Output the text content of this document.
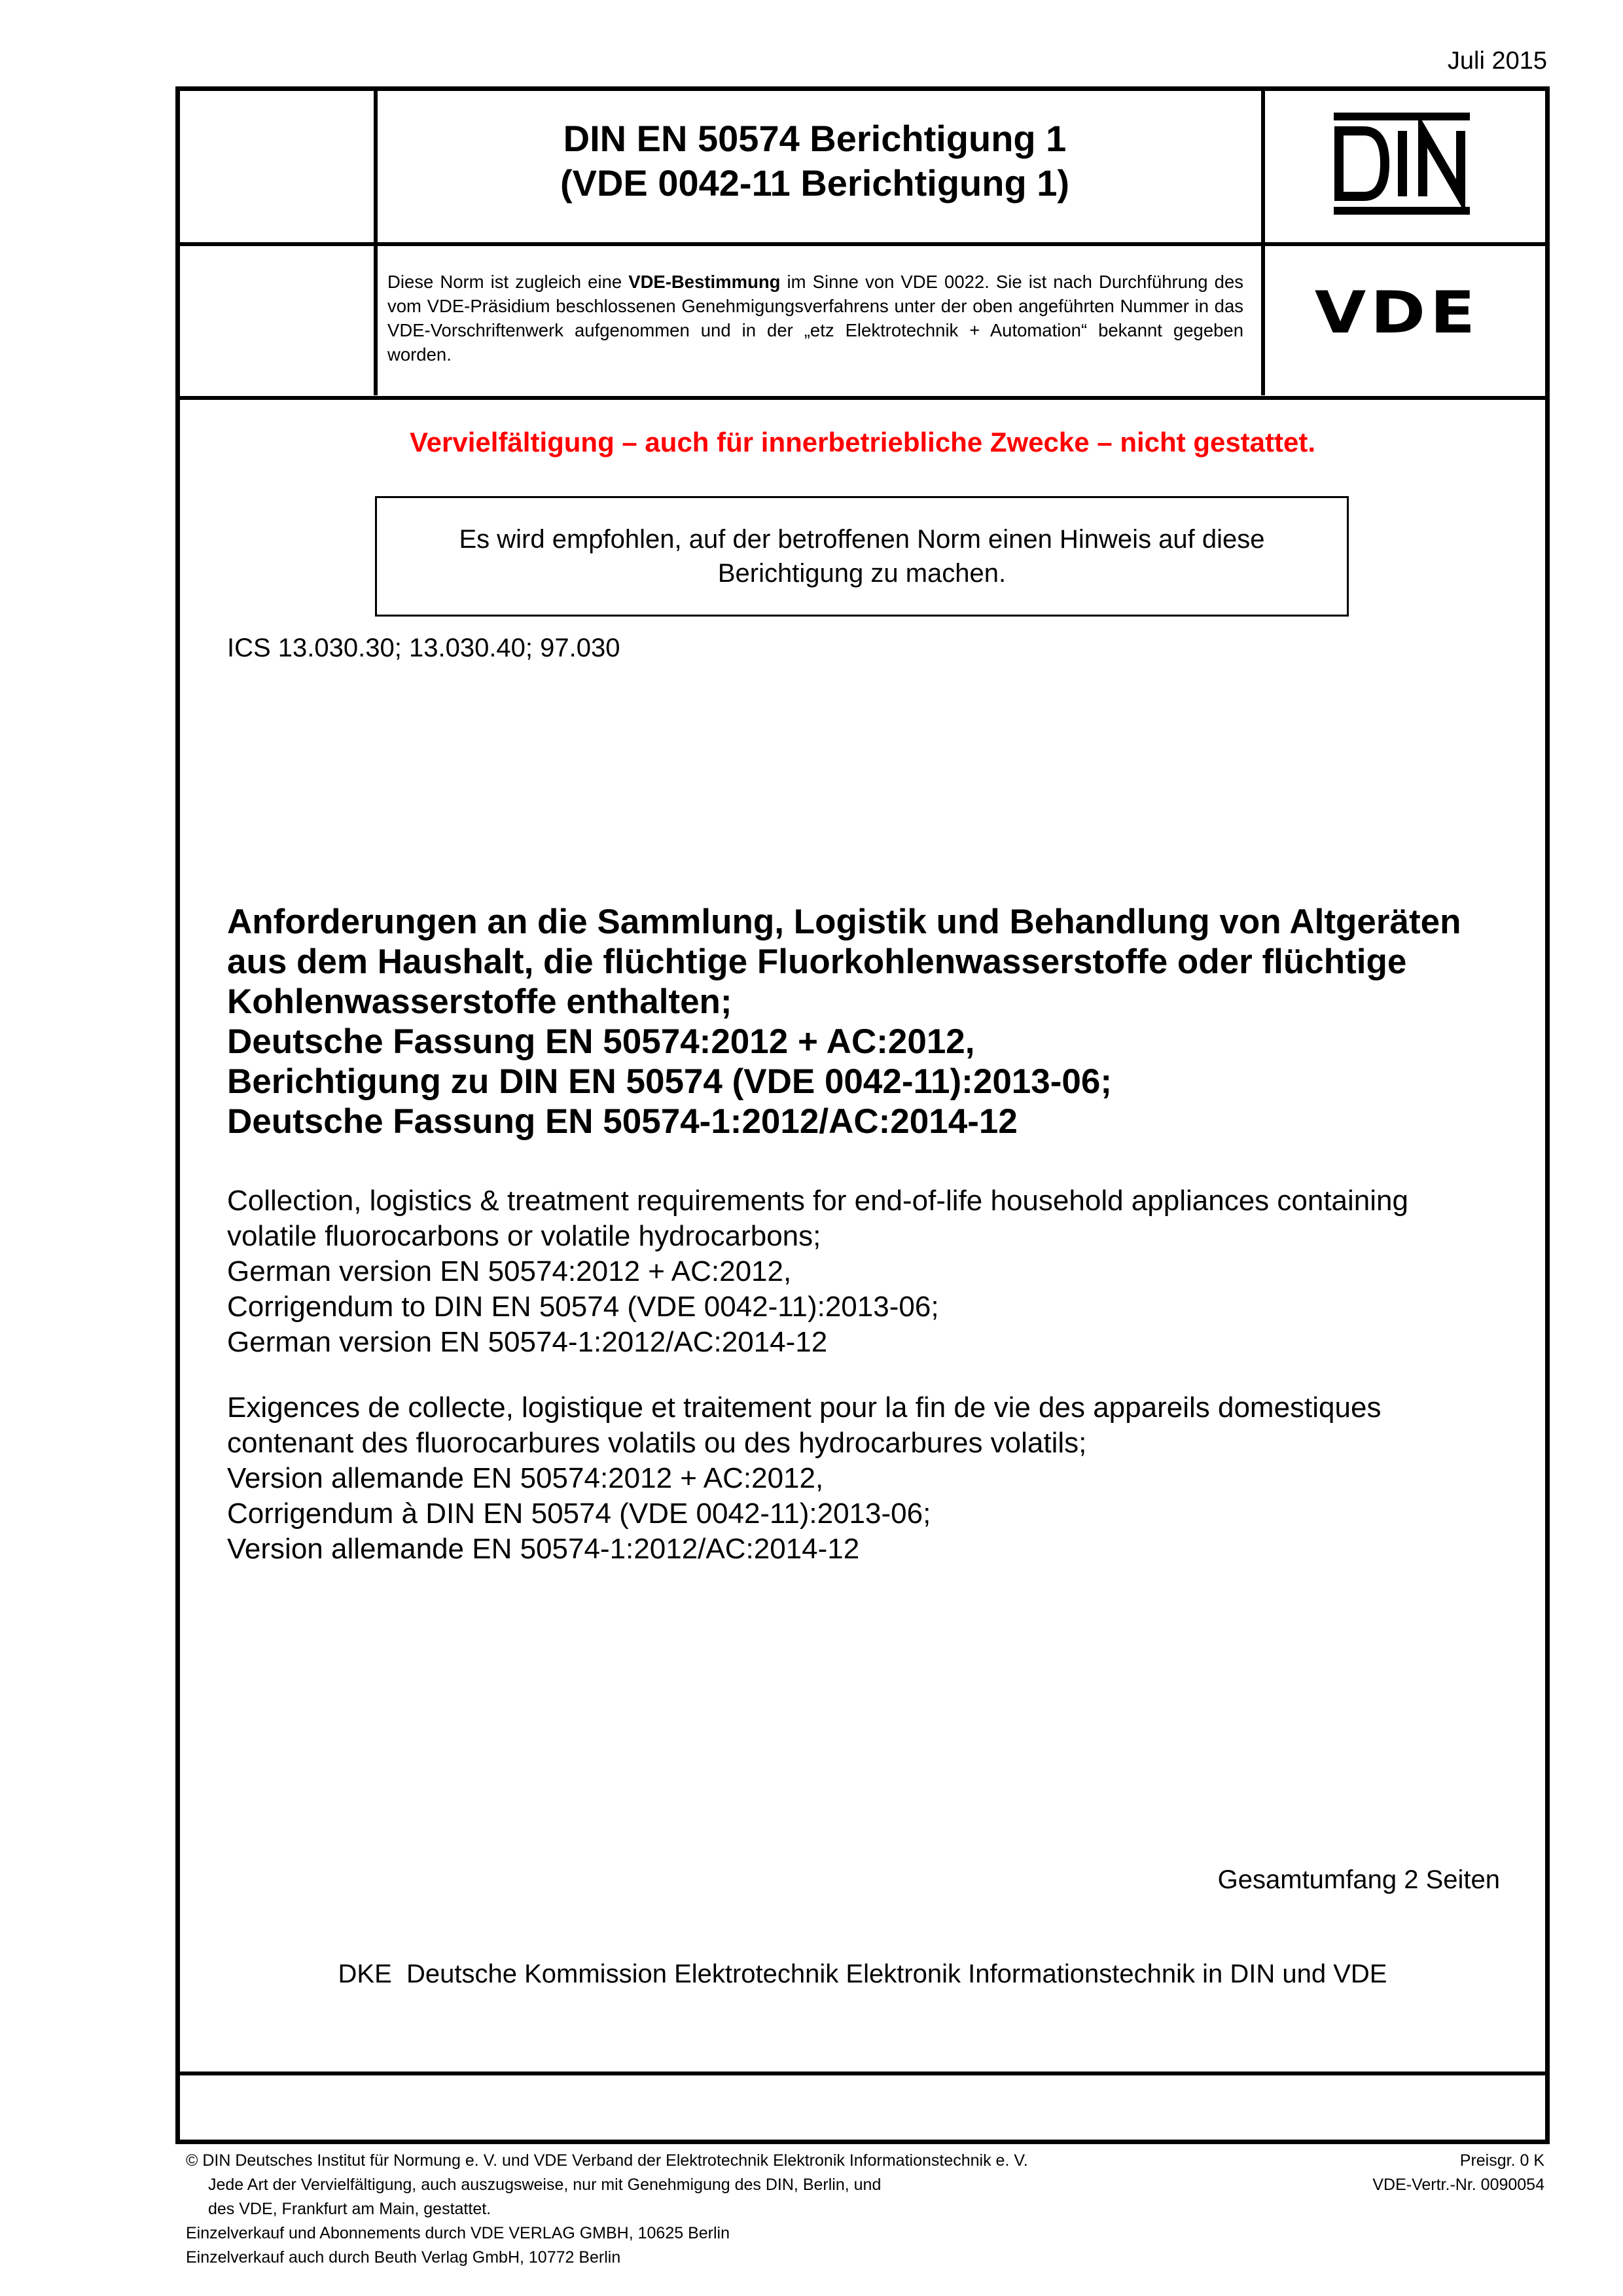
Juli 2015
DIN EN 50574 Berichtigung 1
(VDE 0042-11 Berichtigung 1)
VDE
Diese Norm ist zugleich eine VDE-Bestimmung im Sinne von VDE 0022. Sie ist nach Durchführung des vom VDE-Präsidium beschlossenen Genehmigungsverfahrens unter der oben angeführten Nummer in das VDE-Vorschriftenwerk aufgenommen und in der „etz Elektrotechnik + Automation“ bekannt gegeben worden.
Vervielfältigung – auch für innerbetriebliche Zwecke – nicht gestattet.
Es wird empfohlen, auf der betroffenen Norm einen Hinweis auf diese Berichtigung zu machen.
ICS 13.030.30; 13.030.40; 97.030
Anforderungen an die Sammlung, Logistik und Behandlung von Altgeräten
aus dem Haushalt, die flüchtige Fluorkohlenwasserstoffe oder flüchtige
Kohlenwasserstoffe enthalten;
Deutsche Fassung EN 50574:2012 + AC:2012,
Berichtigung zu DIN EN 50574 (VDE 0042-11):2013-06;
Deutsche Fassung EN 50574-1:2012/AC:2014-12
Collection, logistics & treatment requirements for end-of-life household appliances containing
volatile fluorocarbons or volatile hydrocarbons;
German version EN 50574:2012 + AC:2012,
Corrigendum to DIN EN 50574 (VDE 0042-11):2013-06;
German version EN 50574-1:2012/AC:2014-12
Exigences de collecte, logistique et traitement pour la fin de vie des appareils domestiques
contenant des fluorocarbures volatils ou des hydrocarbures volatils;
Version allemande EN 50574:2012 + AC:2012,
Corrigendum à DIN EN 50574 (VDE 0042-11):2013-06;
Version allemande EN 50574-1:2012/AC:2014-12
Gesamtumfang 2 Seiten
DKE  Deutsche Kommission Elektrotechnik Elektronik Informationstechnik in DIN und VDE
© DIN Deutsches Institut für Normung e. V. und VDE Verband der Elektrotechnik Elektronik Informationstechnik e. V.
Jede Art der Vervielfältigung, auch auszugsweise, nur mit Genehmigung des DIN, Berlin, und
des VDE, Frankfurt am Main, gestattet.
Einzelverkauf und Abonnements durch VDE VERLAG GMBH, 10625 Berlin
Einzelverkauf auch durch Beuth Verlag GmbH, 10772 Berlin
Preisgr. 0 K
VDE-Vertr.-Nr. 0090054
